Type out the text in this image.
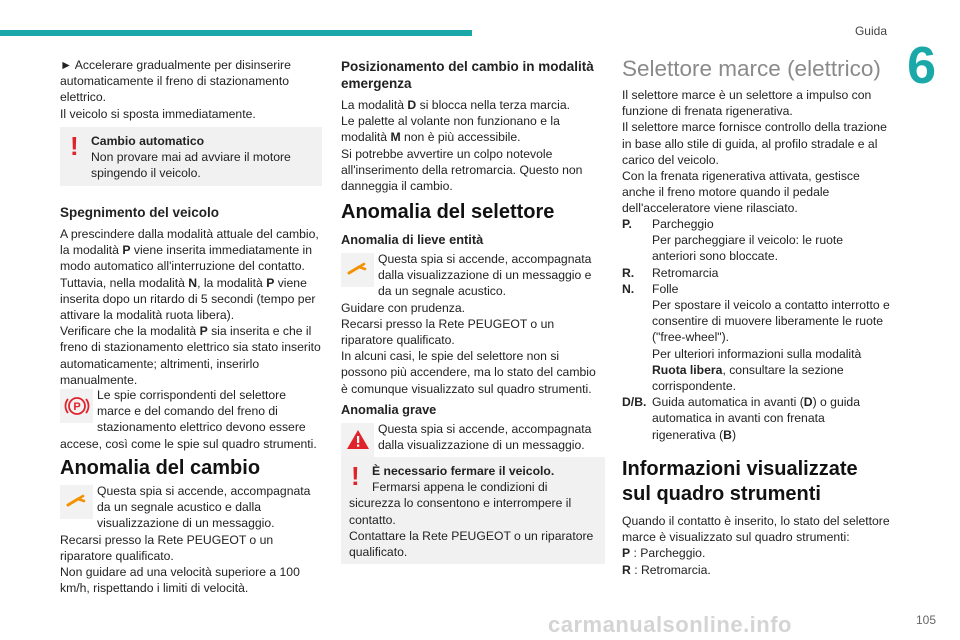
Guida
6
105
carmanualsonline.info
► Accelerare gradualmente per disinserire automaticamente il freno di stazionamento elettrico.
Il veicolo si sposta immediatamente.
!	Cambio automatico
Non provare mai ad avviare il motore spingendo il veicolo.
Spegnimento del veicolo
A prescindere dalla modalità attuale del cambio, la modalità P viene inserita immediatamente in modo automatico all'interruzione del contatto.
Tuttavia, nella modalità N, la modalità P viene inserita dopo un ritardo di 5 secondi (tempo per attivare la modalità ruota libera).
Verificare che la modalità P sia inserita e che il freno di stazionamento elettrico sia stato inserito automaticamente; altrimenti, inserirlo manualmente.
P
Le spie corrispondenti del selettore marce e del comando del freno di stazionamento elettrico devono essere accese, così come le spie sul quadro strumenti.
Anomalia del cambio
Questa spia si accende, accompagnata da un segnale acustico e dalla visualizzazione di un messaggio.
Recarsi presso la Rete PEUGEOT o un riparatore qualificato.
Non guidare ad una velocità superiore a 100 km/h, rispettando i limiti di velocità.
Posizionamento del cambio in modalità emergenza
La modalità D si blocca nella terza marcia.
Le palette al volante non funzionano e la modalità M non è più accessibile.
Si potrebbe avvertire un colpo notevole all'inserimento della retromarcia. Questo non danneggia il cambio.
Anomalia del selettore
Anomalia di lieve entità
Questa spia si accende, accompagnata dalla visualizzazione di un messaggio e da un segnale acustico.
Guidare con prudenza.
Recarsi presso la Rete PEUGEOT o un riparatore qualificato.
In alcuni casi, le spie del selettore non si possono più accendere, ma lo stato del cambio è comunque visualizzato sul quadro strumenti.
Anomalia grave
Questa spia si accende, accompagnata dalla visualizzazione di un messaggio.
!	È necessario fermare il veicolo.
Fermarsi appena le condizioni di sicurezza lo consentono e interrompere il contatto.
Contattare la Rete PEUGEOT o un riparatore qualificato.
Selettore marce (elettrico)
Il selettore marce è un selettore a impulso con funzione di frenata rigenerativa.
Il selettore marce fornisce controllo della trazione in base allo stile di guida, al profilo stradale e al carico del veicolo.
Con la frenata rigenerativa attivata, gestisce anche il freno motore quando il pedale dell'acceleratore viene rilasciato.
P. Parcheggio
Per parcheggiare il veicolo: le ruote anteriori sono bloccate.
R. Retromarcia
N. Folle
Per spostare il veicolo a contatto interrotto e consentire di muovere liberamente le ruote ("free-wheel").
Per ulteriori informazioni sulla modalità Ruota libera, consultare la sezione corrispondente.
D/B. Guida automatica in avanti (D) o guida automatica in avanti con frenata rigenerativa (B)
Informazioni visualizzate sul quadro strumenti
Quando il contatto è inserito, lo stato del selettore marce è visualizzato sul quadro strumenti:
P : Parcheggio.
R : Retromarcia.
